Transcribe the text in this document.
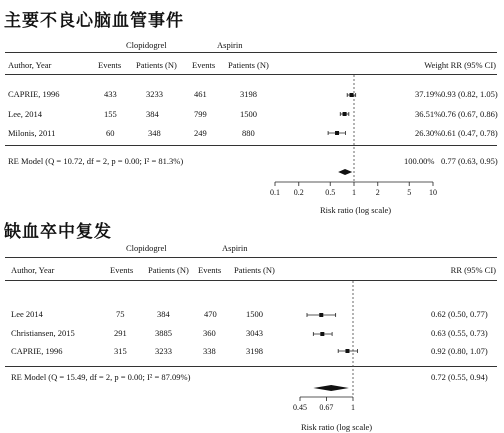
主要不良心脑血管事件
Clopidogrel	Aspirin
Author, Year	Events Patients (N) Events Patients (N)	Weight RR (95% CI)
CAPRIE, 1996	433	3233	461	3198	37.19% 0.93 (0.82, 1.05)
Lee, 2014	155	384	799	1500	36.51% 0.76 (0.67, 0.86)
Milonis, 2011	60	348	249	880	26.30% 0.61 (0.47, 0.78)
RE Model (Q = 10.72, df = 2, p = 0.00; I² = 81.3%)	100.00% 0.77 (0.63, 0.95)
Risk ratio (log scale)
0.1 0.2	0.5 1 2	5 10
缺血卒中复发
Clopidogrel	Aspirin
Author, Year	Events Patients (N) Events Patients (N)	RR (95% CI)
Lee 2014	75	384	470	1500	0.62 (0.50, 0.77)
Christiansen, 2015	291	3885	360	3043	0.63 (0.55, 0.73)
CAPRIE, 1996	315	3233	338	3198	0.92 (0.80, 1.07)
RE Model (Q = 15.49, df = 2, p = 0.00; I² = 87.09%)	0.72 (0.55, 0.94)
Risk ratio (log scale)
0.45 0.67 1
